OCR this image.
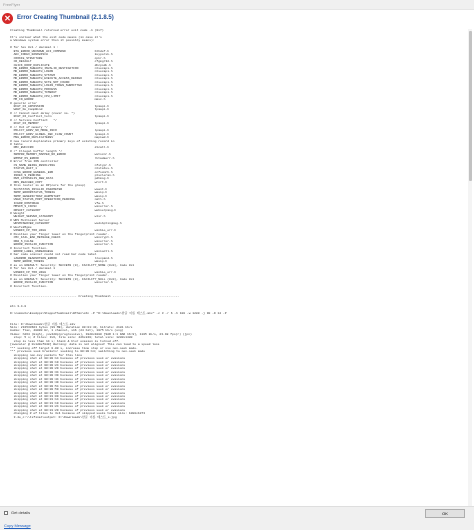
FreeFlyer
✕	Error Creating Thumbnail (2.1.8.5)
Creating Thumbnail returned error exit code -1 (0x?)

It's unclear what the exit code means (in case it's
a Windows system error then it possibly means):

# for hex 0x1 / decimal 1 :
BTH_ERROR_UNKNOWN_HCI_COMMAND                bthdef.h
ADC_INDEX_RANKWISCH                          kuyporsk.h
COOKIE_STRUCTURE                             cpkr.h
CR_DEFAULT                                   cfgmgr32.h
CHICK_DROP_DUPLICATE                         dhcpsdk.h
MD_ERROR_SUBAUTH_INVALID_DESTINATION         ntsecapi.h
MD_ERROR_SUBAUTH_LOGON                       ntsecapi.h
MD_ERROR_SUBAUTH_SYSTEM                      ntsecapi.h
MD_ERROR_SUBAUTH_EXECUTE_ACCESS_DENIED       ntsecapi.h
MD_ERROR_SUBAUTH_SITE_NOT_FOUND              ntsecapi.h
MD_ERROR_SUBAUTH_LOGIN_TOKEN_SUBMITTED       ntsecapi.h
MD_ERROR_SUBAUTH_PROCESS                     ntsecapi.h
MD_ERROR_SUBAUTH_TIMEOUT                     ntsecapi.h
MD_ERROR_SUBAUTH_CPU_LIMIT                   ntsecapi.h
MM_IN_ERROR                                  mmsc.h
# generic error
RCHT_DI_ADMISSION                            tpmapi.h
WAHT_Do_CompBind                             tpmapi.h
# // Cannot meet delay (cover no. *)
RCHT_DI_Conflict_term                        tpmapi.h
# // Service Conflict   */
RCHT_DI_MEMORY                               tpmapi.h
# // Out of memory */
POLICY_ERRV_NO_MORE_INFO                     lpmapi.h
POLICY_ERRV_GLOBAL_DEF_FLOW_COUNT            lpmapi.h
MSG_ERROR_DUPLICATEREV                       mapiwd.h
# new record duplicates primary keys of existing record in
# table
NMC_BUFCIRN                                  dlcatl.h
# /* Illegal buffer length */
SNMPDR_MEMORY_MAPPED_NO_ERROR                wstscnr.h
EMMSP_OS_ERROR                               rktadaerr.h
# Error from ION controller
CS_NAME_BEING_RESOLVING                      nfstypr.h
STATUS_WAIT_1                                ntstatus.h
CCNG_ERROR_GENERAL_ERR                       ccfscmrh.h
INDEX_S_PENDING                              ptsclermn.h
PEM_LOTRSDLIS_NEW_DATA                       pdhmsg.h
NRS_REACHED_COPY                             wrnrt.h
# this router is an RP(core for the group)
SCCSTATUS_INVALID_PARAMETER                  wswnt.h
SNMP_ERRORSTATUS_TOOBIG                      wmsip.h
SNMP_GENERICTRAP_WARMSTART                   wmsip.h
USED_STATUS_PORT_OPERATION_PENDING           nmtl.h
ICERR_DONTDRAW                               vfw.h
MMSIM_S_INCSC                                winerror.h
NOSUIT_CATEGORY                              webserpmsg.h
# Weight
WEIGHT_SERVER_CATEGORY                       wlsr.h
# WDS Multicast Server
WDSMCSERVER_CATEGORY                         wsdsbptingmsg.h
# WeeTekMgme
WINBIO_FP_TOO_HIGH                           winbio_err.h
# Position your finger lower on the fingerprint reader.
CMC_FAIL_BAD_MESSAGE_CHECK                   wincrypt.h
DRW_S_FALSE                                  winerror.h
ERROR_INVALID_FUNCTION                       winerror.h
# Incorrect function.
ERROR_LABEL_UNREADABLE                       winioctl.h
# bar code scanner could not read bar code label
LZERROR_READNOTRAN_ERROR                     lzexpand.h
SNMP_ERROR_TOOBIG                            wmsip.h
# as an HRESULT: Severity: SUCCESS (0), FACILITY_NONE (0x0), Code 0x1
# for hex 0x1 / decimal 1
WINBIO_FP_TOO_HIGH                           winbio_err.h
# Position your finger lower on the fingerprint reader.
# as an HRESULT: Severity: SUCCESS (0), FACILITY_NULL (0x0), Code 0x1
ERROR_INVALID_FUNCTION                       winerror.h
# Incorrect function.

------------------------------------- Creating Thumbnail -------------------------------------

mtn 3.4.0

D:\commute\ExeApps\StoppeThumbnail\WThmn\mtn -P "D:\Downloads\한글 이름 테스트.mkv" -c 3 -r 6 -h 100 -w 1280 -j 90 -D 12 -P

File: D:\Downloads\한글 이름 테스트.mkv
Size: 234533663 bytes (99 MB), duration 00:01:43, bitrate: 2181 kb/s
Audio: flac, 48000 Hz, 1 channel, s16 (24 bit), 1075 kb/s (eng)
Video: h264 (High), yuv420p(progressive), 1920x1080 [SAR 1:1 DAR 16:9], 1105 kb/s, 23.98 fps(r) (jpn)
step: 5 s; # tiles: 3x6, tile size: 426x240; total size: 1280x1480
step is less than 14 s; blank & blur evasion is turned off.
[swscaler @ 0x1d0ef040] Warning: data is not aligned! This can lead to a speed loss
*** seeking off target 0.00 s, increase time step or use non-seek mode.
*** previous seek brackets! seeking to 00:00:14; switching to non-seek mode
skipping non-key packets for this line
skipping shot at 00:00:14 because of previous seek or evasions
skipping shot at 00:00:19 because of previous seek or evasions
skipping shot at 00:00:24 because of previous seek or evasions
skipping shot at 00:00:29 because of previous seek or evasions
skipping shot at 00:00:34 because of previous seek or evasions
skipping shot at 00:00:39 because of previous seek or evasions
skipping shot at 00:00:44 because of previous seek or evasions
skipping shot at 00:00:49 because of previous seek or evasions
skipping shot at 00:00:54 because of previous seek or evasions
skipping shot at 00:00:59 because of previous seek or evasions
skipping shot at 00:01:04 because of previous seek or evasions
skipping shot at 00:01:09 because of previous seek or evasions
skipping shot at 00:01:14 because of previous seek or evasions
skipping shot at 00:01:19 because of previous seek or evasions
skipping shot at 00:01:24 because of previous seek or evasions
skipping shot at 00:01:29 because of previous seek or evasions
changing # of tiles to 3x4 because of skipped seeks total size: 1080x1073
3.4e_c:\\tsfinal\output: D:\Downloads\한글 이름 테스트_s.jpg
Get details	OK
Copy Message
